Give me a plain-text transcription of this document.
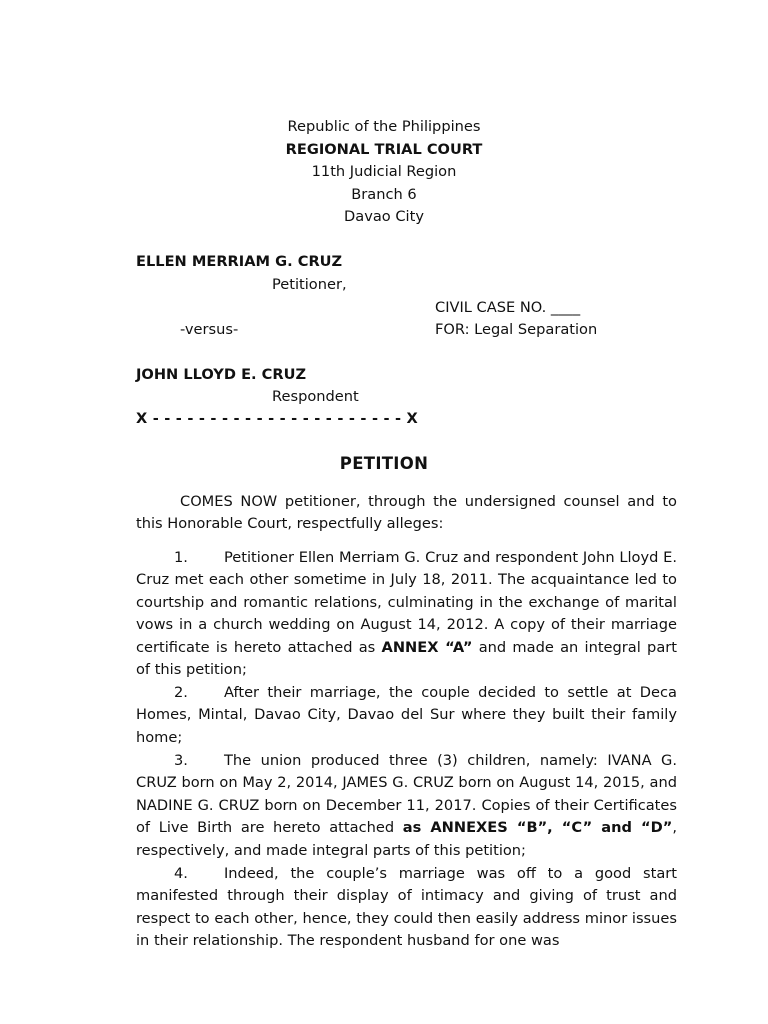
Republic of the Philippines
REGIONAL TRIAL COURT
11th Judicial Region
Branch 6
Davao City
ELLEN MERRIAM G. CRUZ
Petitioner,
CIVIL CASE NO. ____
-versus-	FOR: Legal Separation
JOHN LLOYD E. CRUZ
Respondent
X - - - - - - - - - - - - - - - - - - - - - - X
PETITION
COMES NOW petitioner, through the undersigned counsel and to this Honorable Court, respectfully alleges:
1. Petitioner Ellen Merriam G. Cruz and respondent John Lloyd E. Cruz met each other sometime in July 18, 2011. The acquaintance led to courtship and romantic relations, culminating in the exchange of marital vows in a church wedding on August 14, 2012. A copy of their marriage certificate is hereto attached as ANNEX “A” and made an integral part of this petition;
2. After their marriage, the couple decided to settle at Deca Homes, Mintal, Davao City, Davao del Sur where they built their family home;
3. The union produced three (3) children, namely: IVANA G. CRUZ born on May 2, 2014, JAMES G. CRUZ born on August 14, 2015, and NADINE G. CRUZ born on December 11, 2017. Copies of their Certificates of Live Birth are hereto attached as ANNEXES “B”, “C” and “D”, respectively, and made integral parts of this petition;
4. Indeed, the couple’s marriage was off to a good start manifested through their display of intimacy and giving of trust and respect to each other, hence, they could then easily address minor issues in their relationship. The respondent husband for one was
